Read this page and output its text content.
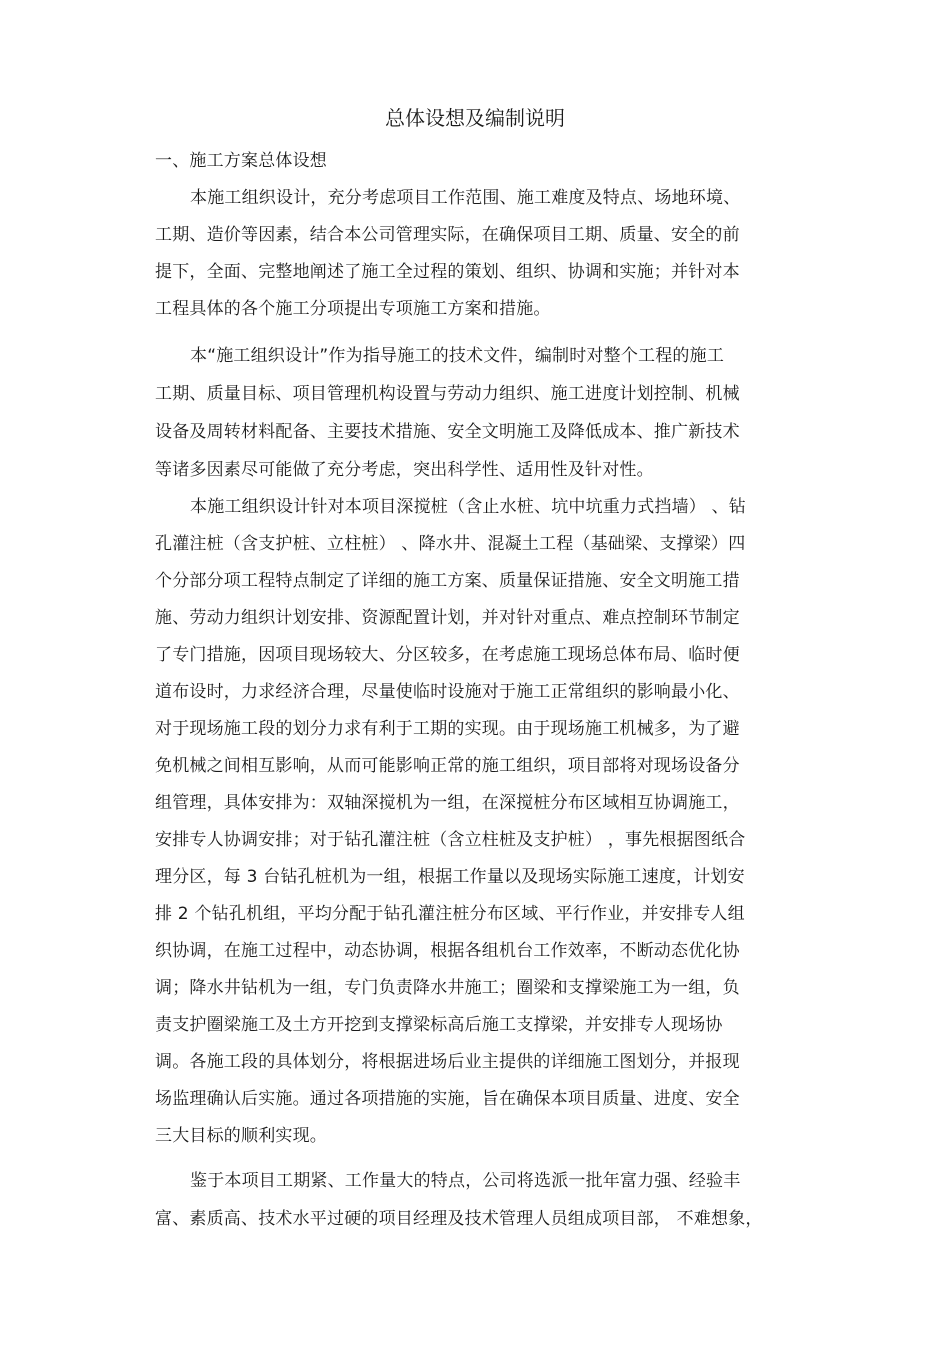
总体设想及编制说明
一、施工方案总体设想
本施工组织设计，充分考虑项目工作范围、施工难度及特点、场地环境、
工期、造价等因素，结合本公司管理实际，在确保项目工期、质量、安全的前
提下，全面、完整地阐述了施工全过程的策划、组织、协调和实施；并针对本
工程具体的各个施工分项提出专项施工方案和措施。
本“施工组织设计”作为指导施工的技术文件，编制时对整个工程的施工
工期、质量目标、项目管理机构设置与劳动力组织、施工进度计划控制、机械
设备及周转材料配备、主要技术措施、安全文明施工及降低成本、推广新技术
等诸多因素尽可能做了充分考虑，突出科学性、适用性及针对性。
本施工组织设计针对本项目深搅桩（含止水桩、坑中坑重力式挡墙） 、钻
孔灌注桩（含支护桩、立柱桩） 、降水井、混凝土工程（基础梁、支撑梁）四
个分部分项工程特点制定了详细的施工方案、质量保证措施、安全文明施工措
施、劳动力组织计划安排、资源配置计划，并对针对重点、难点控制环节制定
了专门措施，因项目现场较大、分区较多，在考虑施工现场总体布局、临时便
道布设时，力求经济合理，尽量使临时设施对于施工正常组织的影响最小化、
对于现场施工段的划分力求有利于工期的实现。由于现场施工机械多，为了避
免机械之间相互影响，从而可能影响正常的施工组织，项目部将对现场设备分
组管理，具体安排为：双轴深搅机为一组，在深搅桩分布区域相互协调施工，
安排专人协调安排；对于钻孔灌注桩（含立柱桩及支护桩） ，事先根据图纸合
理分区，每 3 台钻孔桩机为一组，根据工作量以及现场实际施工速度，计划安
排 2 个钻孔机组，平均分配于钻孔灌注桩分布区域、平行作业，并安排专人组
织协调，在施工过程中，动态协调，根据各组机台工作效率，不断动态优化协
调；降水井钻机为一组，专门负责降水井施工；圈梁和支撑梁施工为一组，负
责支护圈梁施工及土方开挖到支撑梁标高后施工支撑梁，并安排专人现场协
调。各施工段的具体划分，将根据进场后业主提供的详细施工图划分，并报现
场监理确认后实施。通过各项措施的实施，旨在确保本项目质量、进度、安全
三大目标的顺利实现。
鉴于本项目工期紧、工作量大的特点，公司将选派一批年富力强、经验丰
富、素质高、技术水平过硬的项目经理及技术管理人员组成项目部， 不难想象，
